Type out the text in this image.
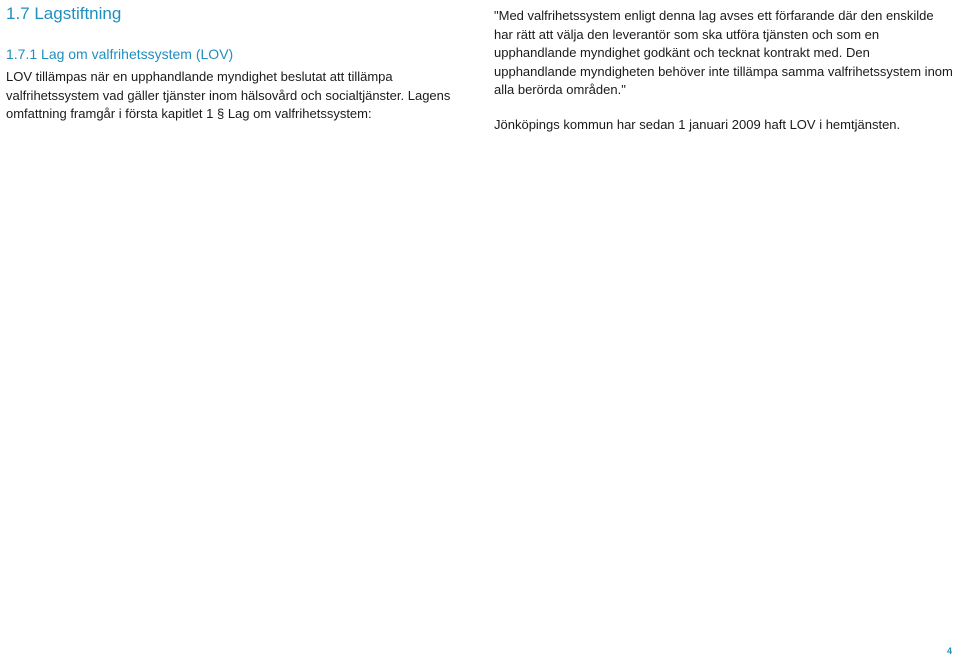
1.7 Lagstiftning
1.7.1 Lag om valfrihetssystem (LOV)

LOV tillämpas när en upphandlande myndighet beslutat att tillämpa valfrihetssystem vad gäller tjänster inom hälsovård och socialtjänster. Lagens omfattning framgår i första kapitlet 1 § Lag om valfrihetssystem:

"Med valfrihetssystem enligt denna lag avses ett förfarande där den enskilde har rätt att välja den leverantör som ska utföra tjänsten och som en upphandlande myndighet godkänt och tecknat kontrakt med. Den upphandlande myndigheten behöver inte tillämpa samma valfrihetssystem inom alla berörda områden."

Jönköpings kommun har sedan 1 januari 2009 haft LOV i hemtjänsten.

4
